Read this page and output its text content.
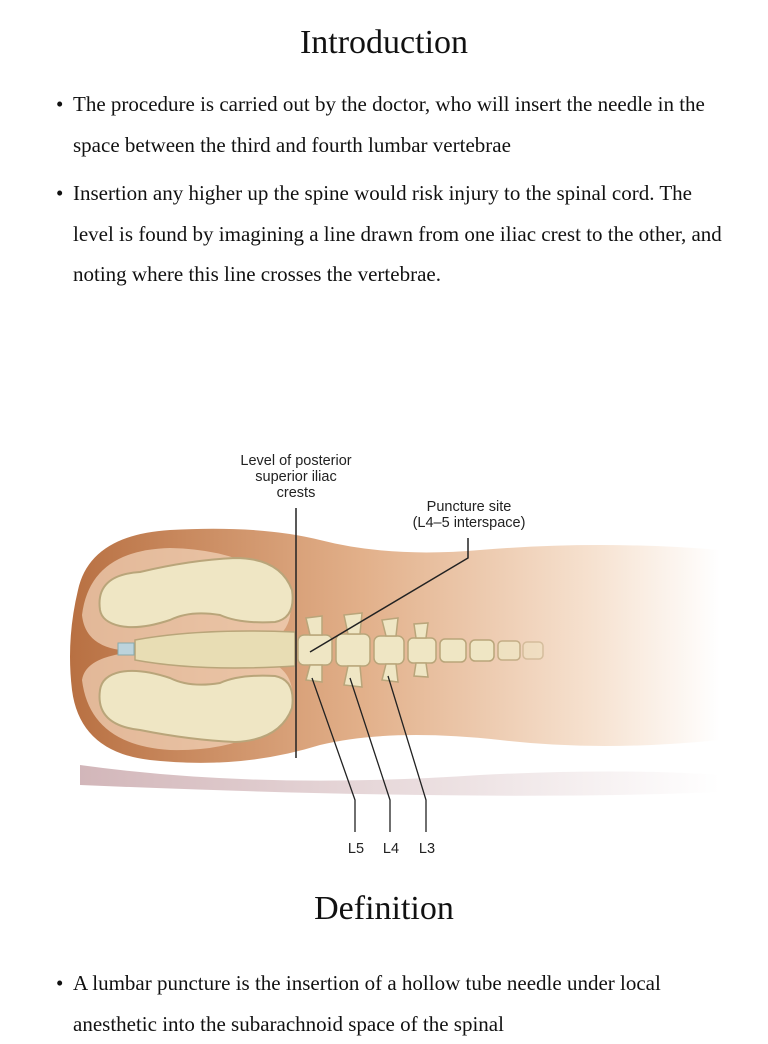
Introduction
• The procedure is carried out by the doctor, who will insert the needle in the space between the third and fourth lumbar vertebrae
• Insertion any higher up the spine would risk injury to the spinal cord. The level is found by imagining a line drawn from one iliac crest to the other, and noting where this line crosses the vertebrae.
Level of posterior
superior iliac
crests
Puncture site
(L4–5 interspace)
L5 L4 L3
Definition
• A lumbar puncture is the insertion of a hollow tube needle under local anesthetic into the subarachnoid space of the spinal
